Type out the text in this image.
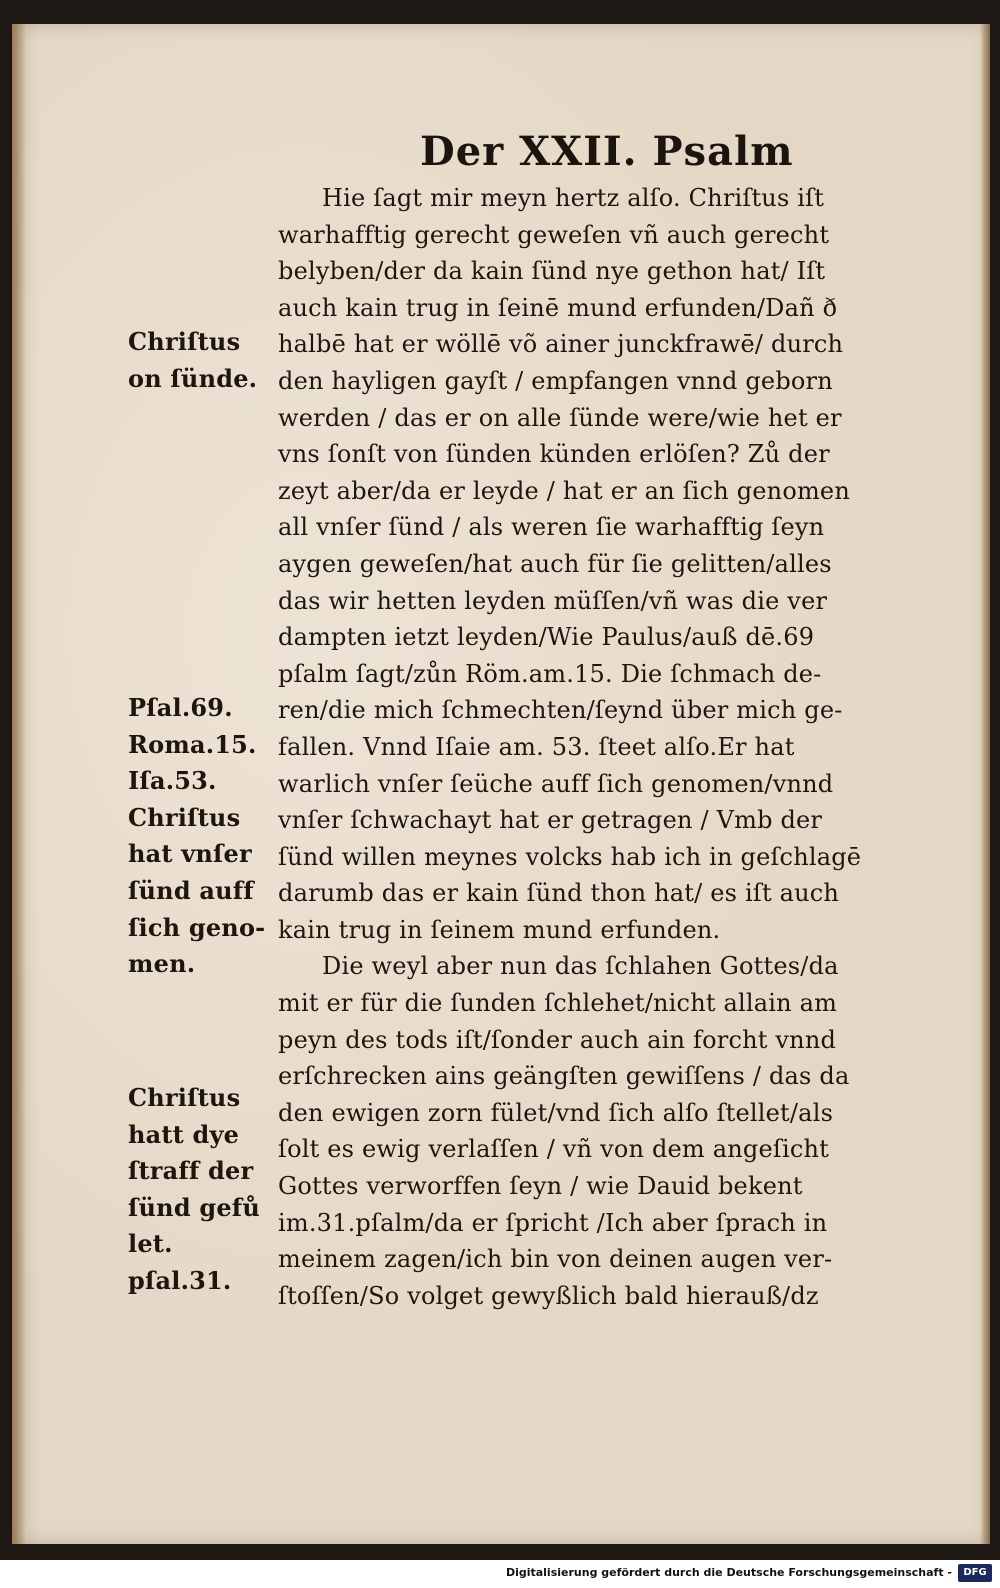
Der XXII. Psalm
Hie ſagt mir meyn hertz alſo. Chriſtus iſt
warhafftig gerecht geweſen vñ auch gerecht
belyben/der da kain ſünd nye gethon hat/ Iſt
auch kain trug in ſeinē mund erfunden/Dañ ð
halbē hat er wöllē võ ainer junckfrawē/ durch
den hayligen gayſt / empfangen vnnd geborn
werden / das er on alle ſünde were/wie het er
vns ſonſt von ſünden künden erlöſen? Zů der
zeyt aber/da er leyde / hat er an ſich genomen
all vnſer ſünd / als weren ſie warhafftig ſeyn
aygen geweſen/hat auch für ſie gelitten/alles
das wir hetten leyden müſſen/vñ was die ver
dampten ietzt leyden/Wie Paulus/auß dē.69
pſalm ſagt/zůn Röm.am.15. Die ſchmach de-
ren/die mich ſchmechten/ſeynd über mich ge-
fallen. Vnnd Iſaie am. 53. ſteet alſo.Er hat
warlich vnſer ſeüche auff ſich genomen/vnnd
vnſer ſchwachayt hat er getragen / Vmb der
ſünd willen meynes volcks hab ich in geſchlagē
darumb das er kain ſünd thon hat/ es iſt auch
kain trug in ſeinem mund erfunden.
Die weyl aber nun das ſchlahen Gottes/da
mit er für die ſunden ſchlehet/nicht allain am
peyn des tods iſt/ſonder auch ain forcht vnnd
erſchrecken ains geängſten gewiſſens / das da
den ewigen zorn fület/vnd ſich alſo ſtellet/als
ſolt es ewig verlaſſen / vñ von dem angeſicht
Gottes verworffen ſeyn / wie Dauid bekent
im.31.pſalm/da er ſpricht /Ich aber ſprach in
meinem zagen/ich bin von deinen augen ver-
ſtoſſen/So volget gewyßlich bald hierauß/dz
Chriſtus
on ſünde.
Pſal.69.
Roma.15.
Iſa.53.
Chriſtus
hat vnſer
ſünd auff
ſich geno-
men.
Chriſtus
hatt dye
ſtraff der
ſünd gefů
let.
pſal.31.
Digitalisierung gefördert durch die Deutsche Forschungsgemeinschaft -	DFG
